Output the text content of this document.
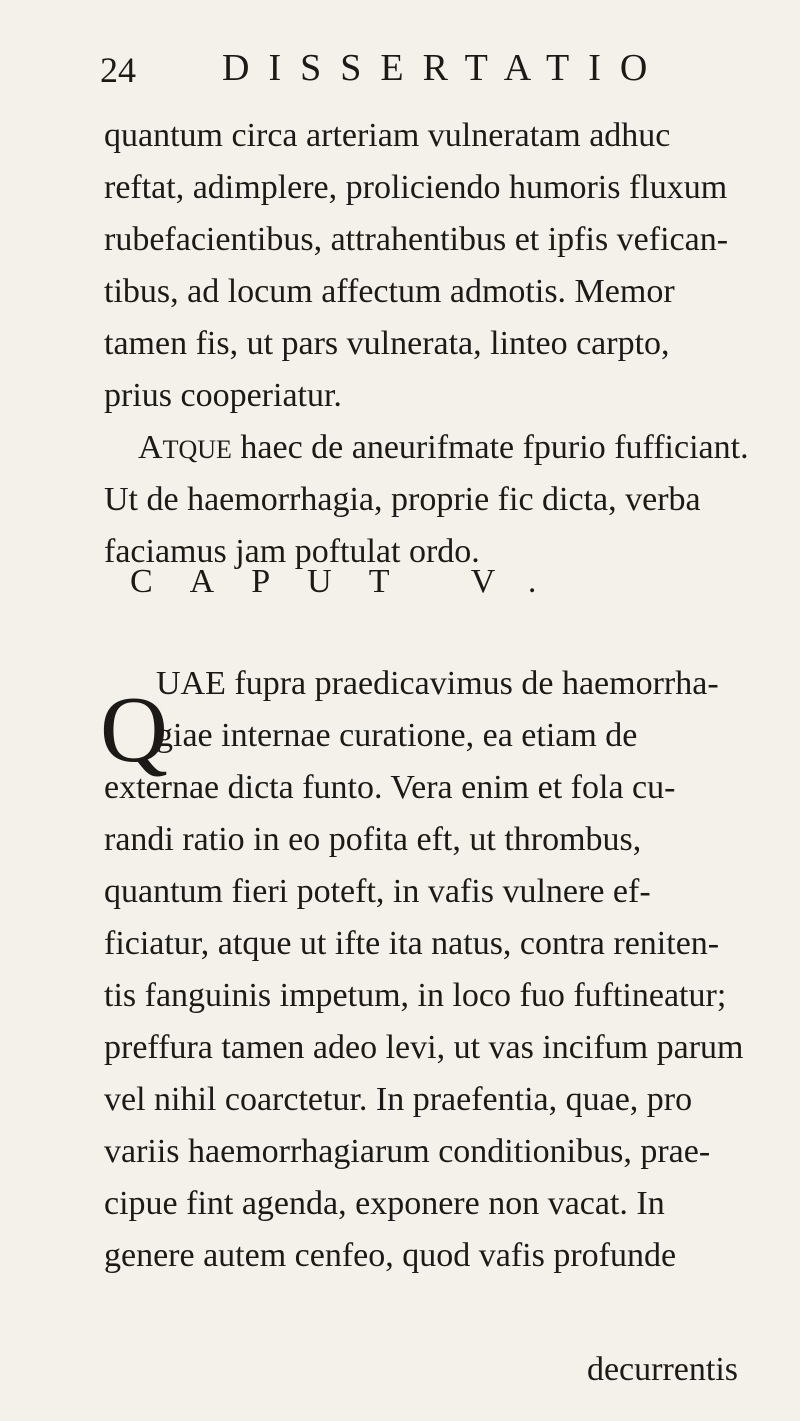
24 DISSERTATIO
quantum circa arteriam vulneratam adhuc
reftat, adimplere, proliciendo humoris fluxum
rubefacientibus, attrahentibus et ipfis vefican-
tibus, ad locum affectum admotis. Memor
tamen fis, ut pars vulnerata, linteo carpto,
prius cooperiatur.
ATQUE haec de aneurifmate fpurio fufficiant.
Ut de haemorrhagia, proprie fic dicta, verba
faciamus jam poftulat ordo.
CAPUT V.
Q
UAE fupra praedicavimus de haemorrha-
giae internae curatione, ea etiam de
externae dicta funto. Vera enim et fola cu-
randi ratio in eo pofita eft, ut thrombus,
quantum fieri poteft, in vafis vulnere ef-
ficiatur, atque ut ifte ita natus, contra reniten-
tis fanguinis impetum, in loco fuo fuftineatur;
preffura tamen adeo levi, ut vas incifum parum
vel nihil coarctetur. In praefentia, quae, pro
variis haemorrhagiarum conditionibus, prae-
cipue fint agenda, exponere non vacat. In
genere autem cenfeo, quod vafis profunde
decurrentis
